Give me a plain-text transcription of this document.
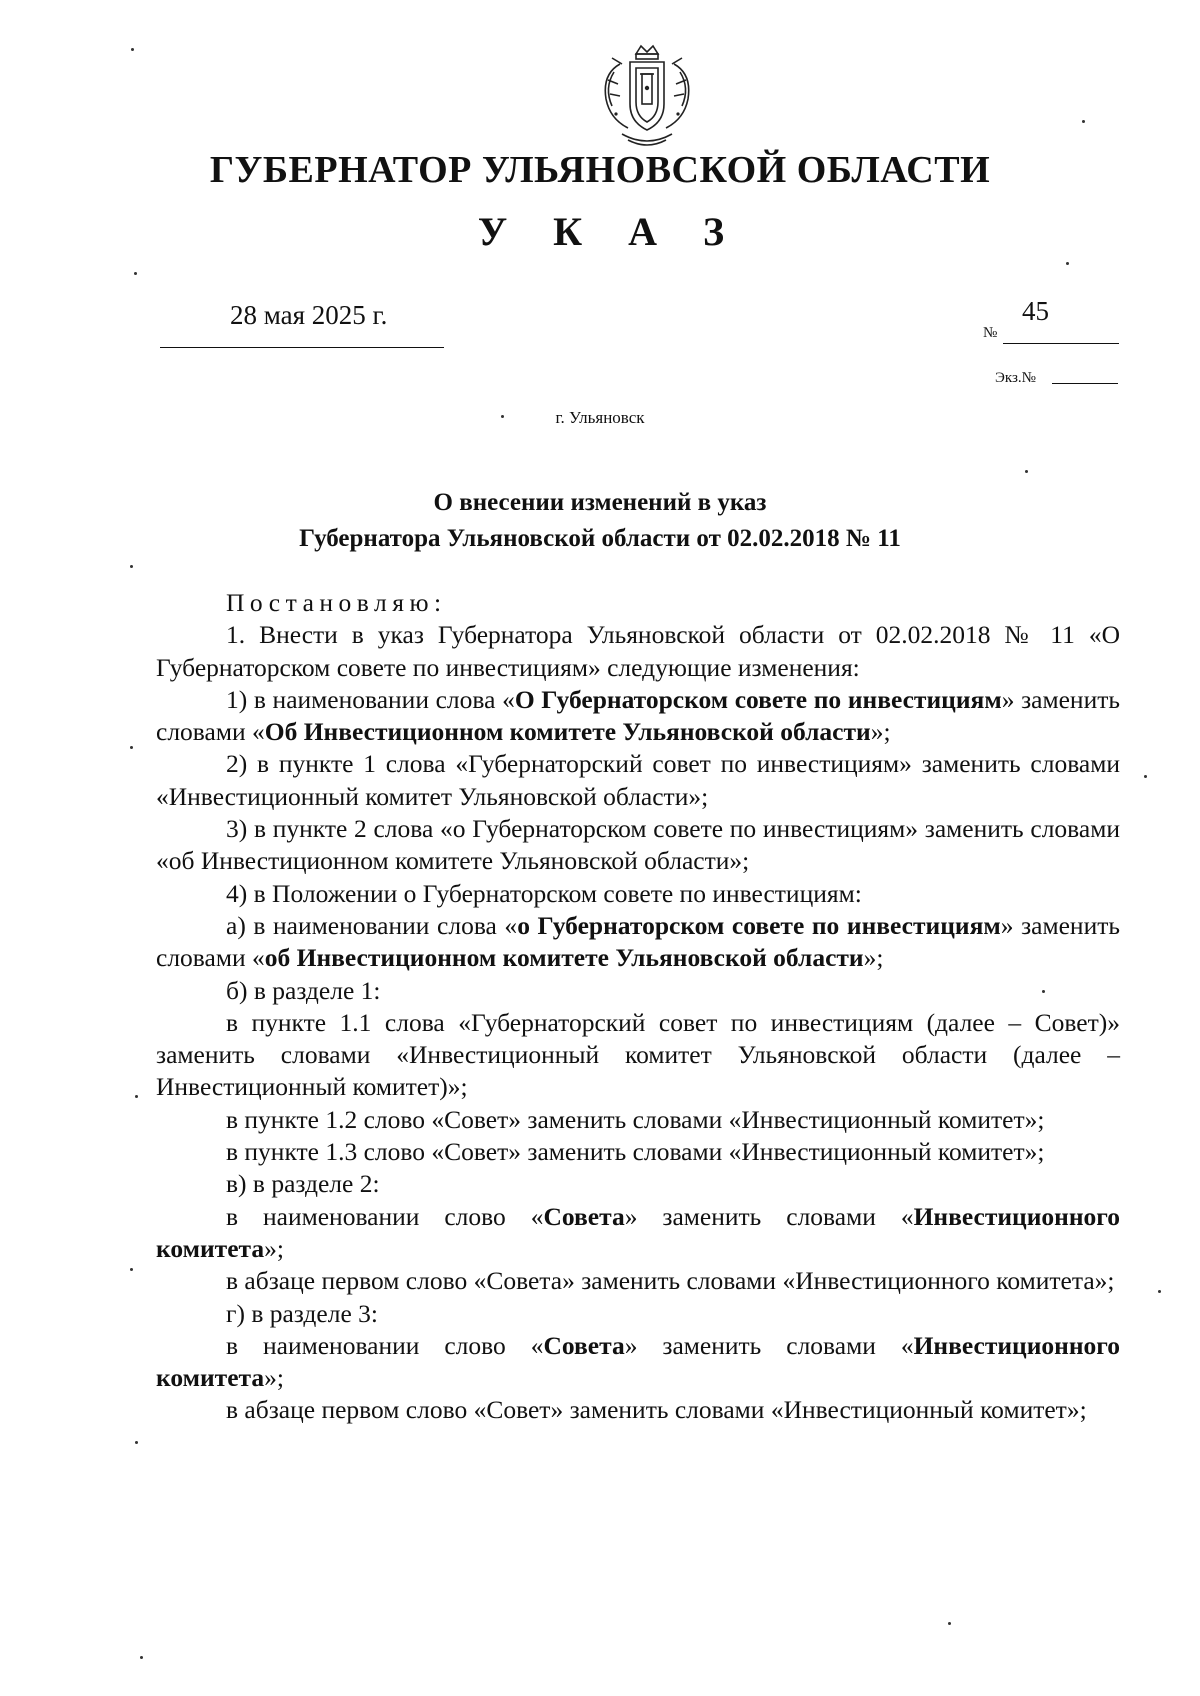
ГУБЕРНАТОР УЛЬЯНОВСКОЙ ОБЛАСТИ
У К А З
28 мая 2025 г.	45
№
Экз.№
г. Ульяновск
О внесении изменений в указ
Губернатора Ульяновской области от 02.02.2018 № 11

Постановляю:

1. Внести в указ Губернатора Ульяновской области от 02.02.2018 № 11 «О Губернаторском совете по инвестициям» следующие изменения:

1) в наименовании слова «О Губернаторском совете по инвестициям» заменить словами «Об Инвестиционном комитете Ульяновской области»;

2) в пункте 1 слова «Губернаторский совет по инвестициям» заменить словами «Инвестиционный комитет Ульяновской области»;

3) в пункте 2 слова «о Губернаторском совете по инвестициям» заменить словами «об Инвестиционном комитете Ульяновской области»;

4) в Положении о Губернаторском совете по инвестициям:

а) в наименовании слова «о Губернаторском совете по инвестициям» заменить словами «об Инвестиционном комитете Ульяновской области»;

б) в разделе 1:

в пункте 1.1 слова «Губернаторский совет по инвестициям (далее – Совет)» заменить словами «Инвестиционный комитет Ульяновской области (далее – Инвестиционный комитет)»;

в пункте 1.2 слово «Совет» заменить словами «Инвестиционный комитет»;

в пункте 1.3 слово «Совет» заменить словами «Инвестиционный комитет»;

в) в разделе 2:

в наименовании слово «Совета» заменить словами «Инвестиционного комитета»;

в абзаце первом слово «Совета» заменить словами «Инвестиционного комитета»;

г) в разделе 3:

в наименовании слово «Совета» заменить словами «Инвестиционного комитета»;

в абзаце первом слово «Совет» заменить словами «Инвестиционный комитет»;
